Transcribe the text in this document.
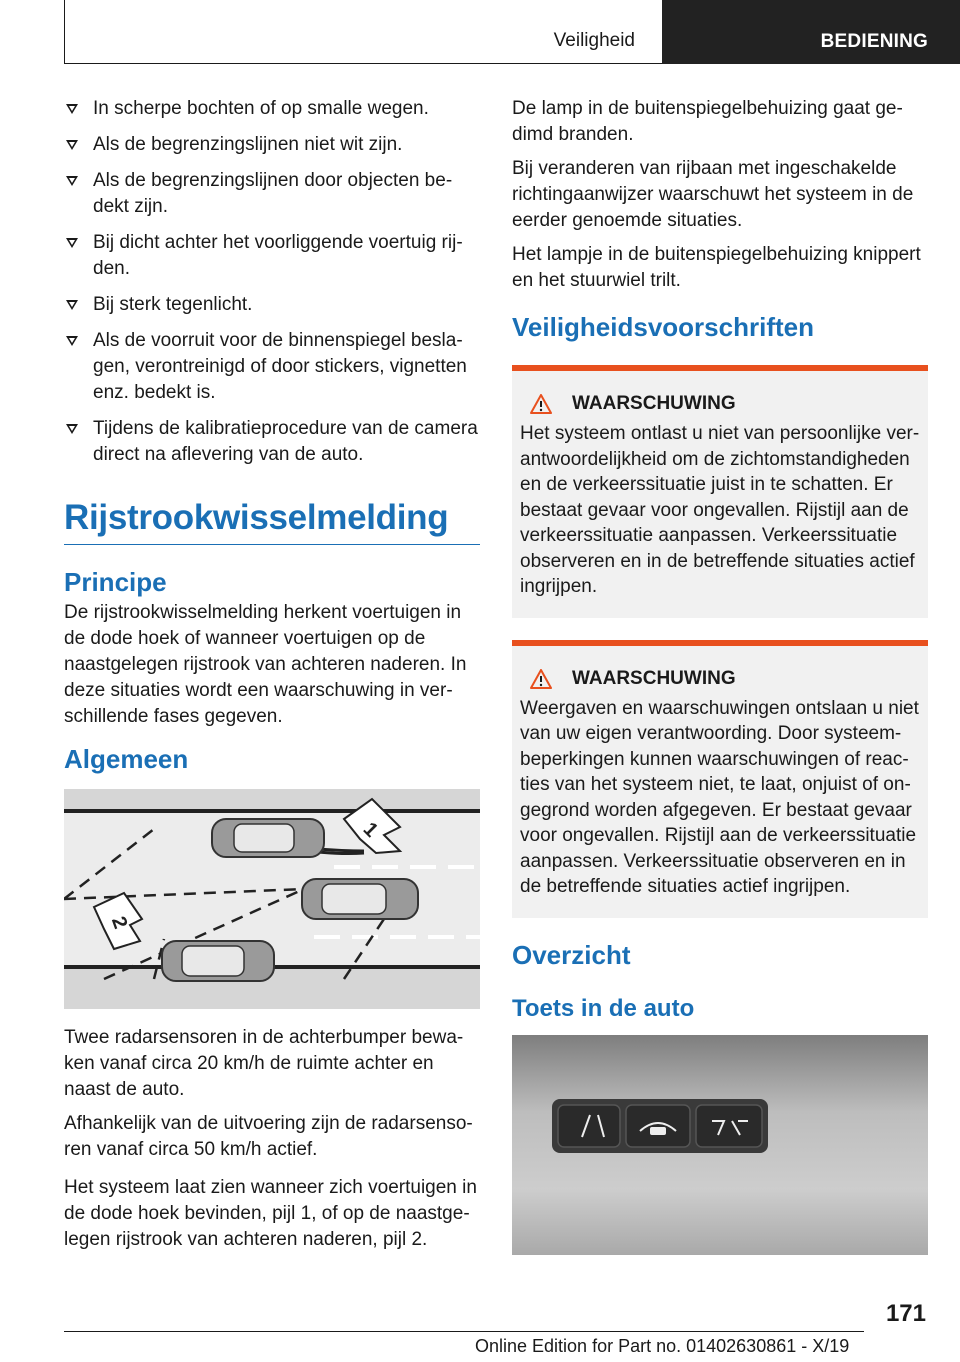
Veiligheid	BEDIENING
In scherpe bochten of op smalle wegen.
Als de begrenzingslijnen niet wit zijn.
Als de begrenzingslijnen door objecten bedekt zijn.
Bij dicht achter het voorliggende voertuig rijden.
Bij sterk tegenlicht.
Als de voorruit voor de binnenspiegel beslagen, verontreinigd of door stickers, vignetten enz. bedekt is.
Tijdens de kalibratieprocedure van de camera direct na aflevering van de auto.
Rijstrookwisselmelding
Principe
De rijstrookwisselmelding herkent voertuigen in de dode hoek of wanneer voertuigen op de naastgelegen rijstrook van achteren naderen. In deze situaties wordt een waarschuwing in verschillende fases gegeven.
Algemeen
1
2
Twee radarsensoren in de achterbumper bewaken vanaf circa 20 km/h de ruimte achter en naast de auto.
Afhankelijk van de uitvoering zijn de radarsensoren vanaf circa 50 km/h actief.
Het systeem laat zien wanneer zich voertuigen in de dode hoek bevinden, pijl 1, of op de naastgelegen rijstrook van achteren naderen, pijl 2.
De lamp in de buitenspiegelbehuizing gaat gedimd branden.
Bij veranderen van rijbaan met ingeschakelde richtingaanwijzer waarschuwt het systeem in de eerder genoemde situaties.
Het lampje in de buitenspiegelbehuizing knippert en het stuurwiel trilt.
Veiligheidsvoorschriften
WAARSCHUWING
Het systeem ontlast u niet van persoonlijke verantwoordelijkheid om de zichtomstandigheden en de verkeerssituatie juist in te schatten. Er bestaat gevaar voor ongevallen. Rijstijl aan de verkeerssituatie aanpassen. Verkeerssituatie observeren en in de betreffende situaties actief ingrijpen.
WAARSCHUWING
Weergaven en waarschuwingen ontslaan u niet van uw eigen verantwoording. Door systeembeperkingen kunnen waarschuwingen of reacties van het systeem niet, te laat, onjuist of ongegrond worden afgegeven. Er bestaat gevaar voor ongevallen. Rijstijl aan de verkeerssituatie aanpassen. Verkeerssituatie observeren en in de betreffende situaties actief ingrijpen.
Overzicht
Toets in de auto
171
Online Edition for Part no. 01402630861 - X/19
